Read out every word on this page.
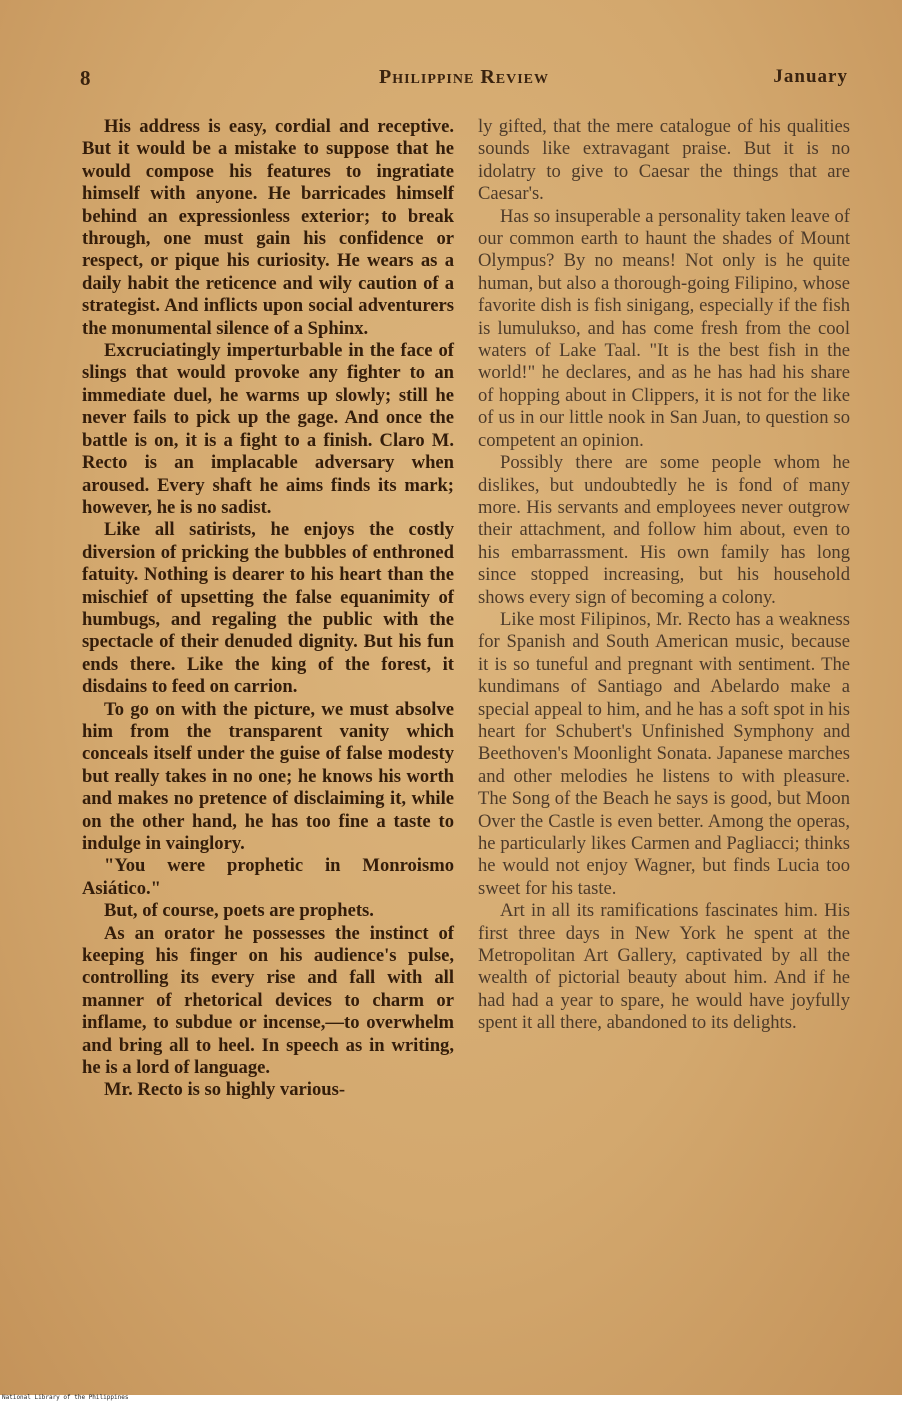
8	Philippine Review	January

His address is easy, cordial and receptive. But it would be a mistake to suppose that he would compose his features to ingratiate himself with anyone. He barricades himself behind an expressionless exterior; to break through, one must gain his confidence or respect, or pique his curiosity. He wears as a daily habit the reticence and wily caution of a strategist. And inflicts upon social adventurers the monumental silence of a Sphinx.

Excruciatingly imperturbable in the face of slings that would provoke any fighter to an immediate duel, he warms up slowly; still he never fails to pick up the gage. And once the battle is on, it is a fight to a finish. Claro M. Recto is an implacable adversary when aroused. Every shaft he aims finds its mark; however, he is no sadist.

Like all satirists, he enjoys the costly diversion of pricking the bubbles of enthroned fatuity. Nothing is dearer to his heart than the mischief of upsetting the false equanimity of humbugs, and regaling the public with the spectacle of their denuded dignity. But his fun ends there. Like the king of the forest, it disdains to feed on carrion.

To go on with the picture, we must absolve him from the transparent vanity which conceals itself under the guise of false modesty but really takes in no one; he knows his worth and makes no pretence of disclaiming it, while on the other hand, he has too fine a taste to indulge in vainglory.

"You were prophetic in Monroismo Asiático."

But, of course, poets are prophets.

As an orator he possesses the instinct of keeping his finger on his audience's pulse, controlling its every rise and fall with all manner of rhetorical devices to charm or inflame, to subdue or incense,—to overwhelm and bring all to heel. In speech as in writing, he is a lord of language.

Mr. Recto is so highly various-

ly gifted, that the mere catalogue of his qualities sounds like extravagant praise. But it is no idolatry to give to Caesar the things that are Caesar's.

Has so insuperable a personality taken leave of our common earth to haunt the shades of Mount Olympus? By no means! Not only is he quite human, but also a thorough-going Filipino, whose favorite dish is fish sinigang, especially if the fish is lumulukso, and has come fresh from the cool waters of Lake Taal. "It is the best fish in the world!" he declares, and as he has had his share of hopping about in Clippers, it is not for the like of us in our little nook in San Juan, to question so competent an opinion.

Possibly there are some people whom he dislikes, but undoubtedly he is fond of many more. His servants and employees never outgrow their attachment, and follow him about, even to his embarrassment. His own family has long since stopped increasing, but his household shows every sign of becoming a colony.

Like most Filipinos, Mr. Recto has a weakness for Spanish and South American music, because it is so tuneful and pregnant with sentiment. The kundimans of Santiago and Abelardo make a special appeal to him, and he has a soft spot in his heart for Schubert's Unfinished Symphony and Beethoven's Moonlight Sonata. Japanese marches and other melodies he listens to with pleasure. The Song of the Beach he says is good, but Moon Over the Castle is even better. Among the operas, he particularly likes Carmen and Pagliacci; thinks he would not enjoy Wagner, but finds Lucia too sweet for his taste.

Art in all its ramifications fascinates him. His first three days in New York he spent at the Metropolitan Art Gallery, captivated by all the wealth of pictorial beauty about him. And if he had had a year to spare, he would have joyfully spent it all there, abandoned to its delights.

National Library of the Philippines
